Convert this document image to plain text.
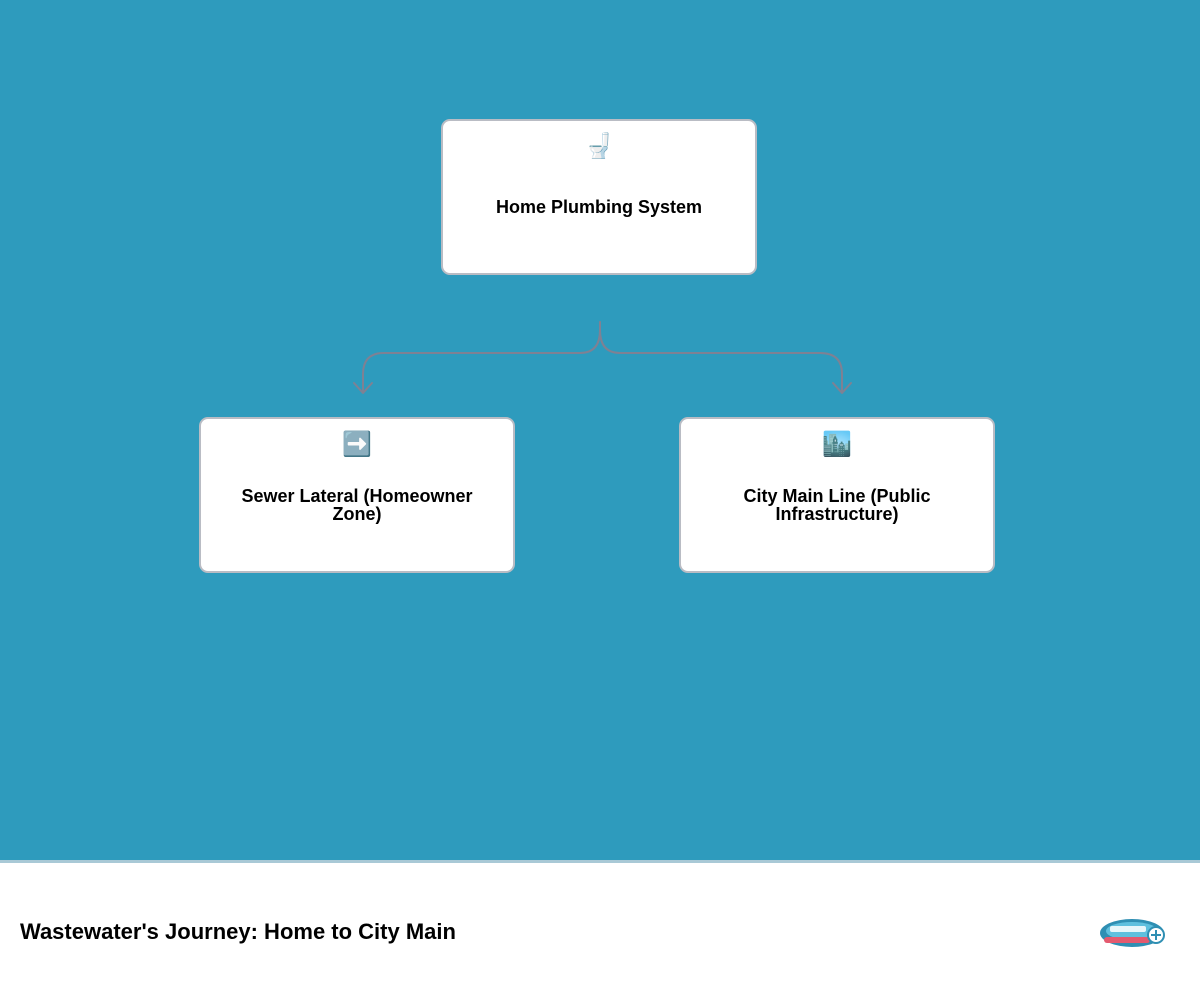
🚽
Home Plumbing System
➡️
Sewer Lateral (Homeowner Zone)
🏙️
City Main Line (Public Infrastructure)
Wastewater's Journey: Home to City Main
